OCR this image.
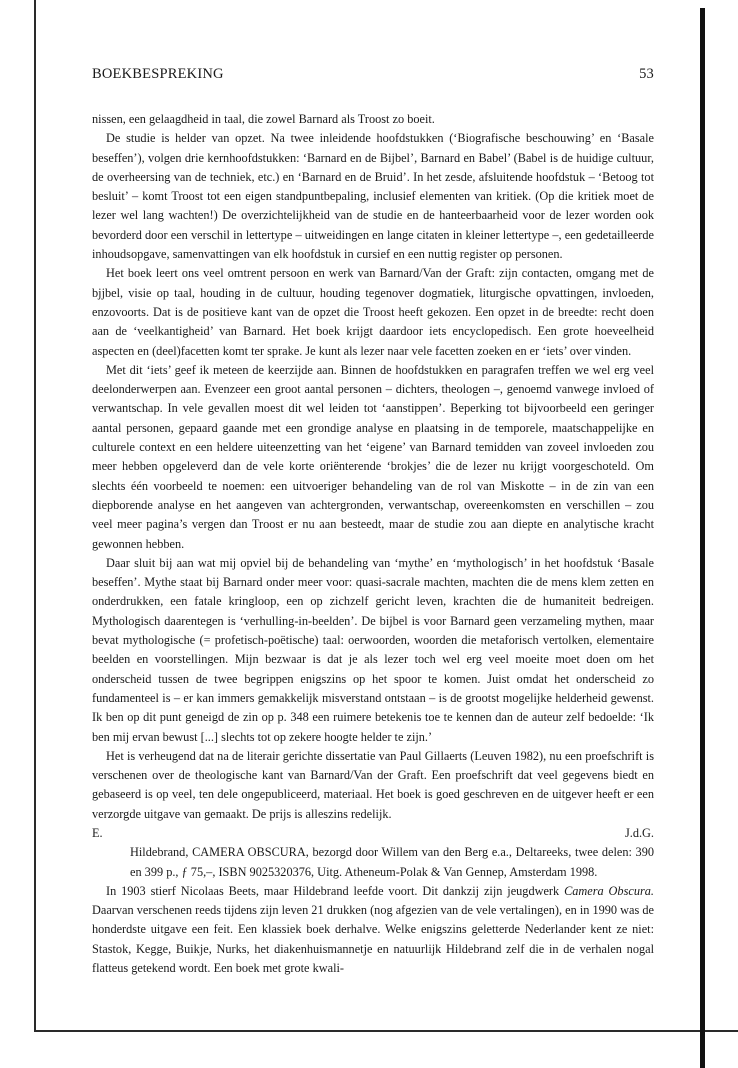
BOEKBESPREKING	53

nissen, een gelaagdheid in taal, die zowel Barnard als Troost zo boeit.

De studie is helder van opzet. Na twee inleidende hoofdstukken (‘Biografische beschouwing’ en ‘Basale beseffen’), volgen drie kernhoofdstukken: ‘Barnard en de Bijbel’, Barnard en Babel’ (Babel is de huidige cultuur, de overheersing van de techniek, etc.) en ‘Barnard en de Bruid’. In het zesde, afsluitende hoofdstuk – ‘Betoog tot besluit’ – komt Troost tot een eigen standpuntbepaling, inclusief elementen van kritiek. (Op die kritiek moet de lezer wel lang wachten!) De overzichtelijkheid van de studie en de hanteerbaarheid voor de lezer worden ook bevorderd door een verschil in lettertype – uitweidingen en lange citaten in kleiner lettertype –, een gedetailleerde inhoudsopgave, samenvattingen van elk hoofdstuk in cursief en een nuttig register op personen.

Het boek leert ons veel omtrent persoon en werk van Barnard/Van der Graft: zijn contacten, omgang met de bjjbel, visie op taal, houding in de cultuur, houding tegenover dogmatiek, liturgische opvattingen, invloeden, enzovoorts. Dat is de positieve kant van de opzet die Troost heeft gekozen. Een opzet in de breedte: recht doen aan de ‘veelkantigheid’ van Barnard. Het boek krijgt daardoor iets encyclopedisch. Een grote hoeveelheid aspecten en (deel)facetten komt ter sprake. Je kunt als lezer naar vele facetten zoeken en er ‘iets’ over vinden.

Met dit ‘iets’ geef ik meteen de keerzijde aan. Binnen de hoofdstukken en paragrafen treffen we wel erg veel deelonderwerpen aan. Evenzeer een groot aantal personen – dichters, theologen –, genoemd vanwege invloed of verwantschap. In vele gevallen moest dit wel leiden tot ‘aanstippen’. Beperking tot bijvoorbeeld een geringer aantal personen, gepaard gaande met een grondige analyse en plaatsing in de temporele, maatschappelijke en culturele context en een heldere uiteenzetting van het ‘eigene’ van Barnard temidden van zoveel invloeden zou meer hebben opgeleverd dan de vele korte oriënterende ‘brokjes’ die de lezer nu krijgt voorgeschoteld. Om slechts één voorbeeld te noemen: een uitvoeriger behandeling van de rol van Miskotte – in de zin van een diepborende analyse en het aangeven van achtergronden, verwantschap, overeenkomsten en verschillen – zou veel meer pagina’s vergen dan Troost er nu aan besteedt, maar de studie zou aan diepte en analytische kracht gewonnen hebben.

Daar sluit bij aan wat mij opviel bij de behandeling van ‘mythe’ en ‘mythologisch’ in het hoofdstuk ‘Basale beseffen’. Mythe staat bij Barnard onder meer voor: quasi-sacrale machten, machten die de mens klem zetten en onderdrukken, een fatale kringloop, een op zichzelf gericht leven, krachten die de humaniteit bedreigen. Mythologisch daarentegen is ‘verhulling-in-beelden’. De bijbel is voor Barnard geen verzameling mythen, maar bevat mythologische (= profetisch-poëtische) taal: oerwoorden, woorden die metaforisch vertolken, elementaire beelden en voorstellingen. Mijn bezwaar is dat je als lezer toch wel erg veel moeite moet doen om het onderscheid tussen de twee begrippen enigszins op het spoor te komen. Juist omdat het onderscheid zo fundamenteel is – er kan immers gemakkelijk misverstand ontstaan – is de grootst mogelijke helderheid gewenst. Ik ben op dit punt geneigd de zin op p. 348 een ruimere betekenis toe te kennen dan de auteur zelf bedoelde: ‘Ik ben mij ervan bewust [...] slechts tot op zekere hoogte helder te zijn.’

Het is verheugend dat na de literair gerichte dissertatie van Paul Gillaerts (Leuven 1982), nu een proefschrift is verschenen over de theologische kant van Barnard/Van der Graft. Een proefschrift dat veel gegevens biedt en gebaseerd is op veel, ten dele ongepubliceerd, materiaal. Het boek is goed geschreven en de uitgever heeft er een verzorgde uitgave van gemaakt. De prijs is alleszins redelijk.

E.	J.d.G.

Hildebrand, CAMERA OBSCURA, bezorgd door Willem van den Berg e.a., Deltareeks, twee delen: 390 en 399 p., ƒ 75,–, ISBN 9025320376, Uitg. Atheneum-Polak & Van Gennep, Amsterdam 1998.

In 1903 stierf Nicolaas Beets, maar Hildebrand leefde voort. Dit dankzij zijn jeugdwerk Camera Obscura. Daarvan verschenen reeds tijdens zijn leven 21 drukken (nog afgezien van de vele vertalingen), en in 1990 was de honderdste uitgave een feit. Een klassiek boek derhalve. Welke enigszins geletterde Nederlander kent ze niet: Stastok, Kegge, Buikje, Nurks, het diakenhuismannetje en natuurlijk Hildebrand zelf die in de verhalen nogal flatteus getekend wordt. Een boek met grote kwali-
